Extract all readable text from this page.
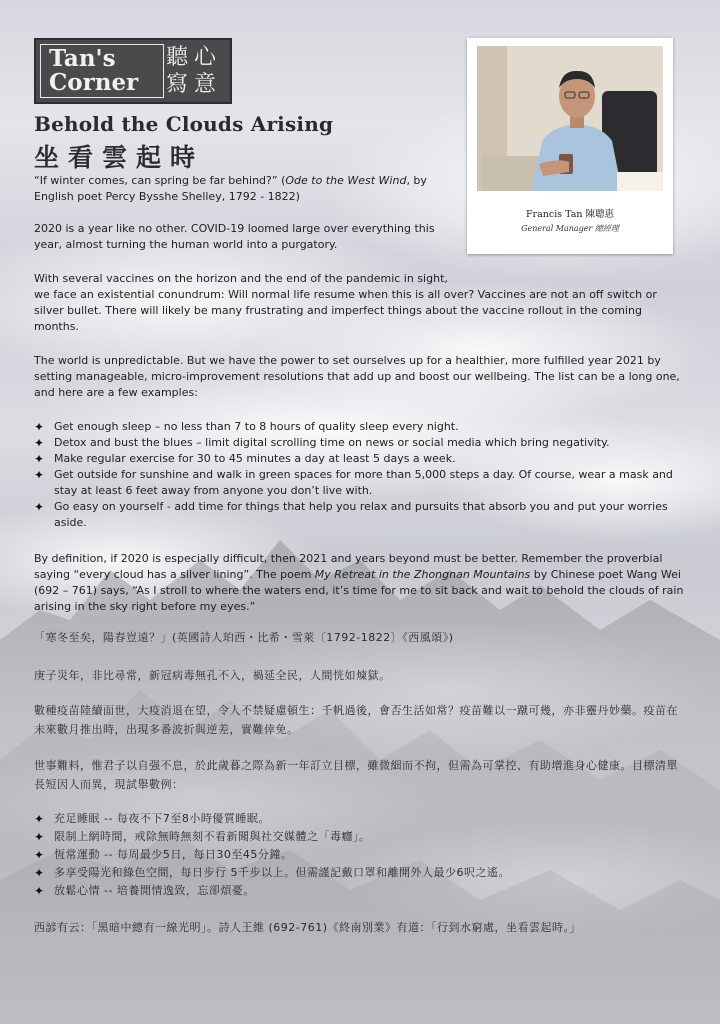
Tan's
Corner
聽心
寫意
Francis Tan 陳聰惠
General Manager 總經理
Behold the Clouds Arising
坐看雲起時

“If winter comes, can spring be far behind?” (Ode to the West Wind, by English poet Percy Bysshe Shelley, 1792 - 1822)

2020 is a year like no other. COVID-19 loomed large over everything this year, almost turning the human world into a purgatory.

With several vaccines on the horizon and the end of the pandemic in sight,
we face an existential conundrum: Will normal life resume when this is all over? Vaccines are not an off switch or silver bullet. There will likely be many frustrating and imperfect things about the vaccine rollout in the coming months.

The world is unpredictable. But we have the power to set ourselves up for a healthier, more fulfilled year 2021 by setting manageable, micro-improvement resolutions that add up and boost our wellbeing. The list can be a long one, and here are a few examples:

✦ Get enough sleep – no less than 7 to 8 hours of quality sleep every night.
✦ Detox and bust the blues – limit digital scrolling time on news or social media which bring negativity.
✦ Make regular exercise for 30 to 45 minutes a day at least 5 days a week.
✦ Get outside for sunshine and walk in green spaces for more than 5,000 steps a day. Of course, wear a mask and stay at least 6 feet away from anyone you don’t live with.
✦ Go easy on yourself - add time for things that help you relax and pursuits that absorb you and put your worries aside.

By definition, if 2020 is especially difficult, then 2021 and years beyond must be better. Remember the proverbial saying “every cloud has a silver lining”. The poem My Retreat in the Zhongnan Mountains by Chinese poet Wang Wei (692 – 761) says, “As I stroll to where the waters end, it’s time for me to sit back and wait to behold the clouds of rain arising in the sky right before my eyes.”

「寒冬至矣，陽春豈遠？」(英國詩人珀西・比希・雪萊〔1792-1822〕《西風頌》)

庚子災年，非比尋常，新冠病毒無孔不入，禍延全民，人間恍如煉獄。

數種疫苗陸續面世，大疫消退在望，令人不禁疑慮頓生：千帆過後，會否生活如常？疫苗難以一蹴可幾，亦非靈丹妙藥。疫苗在未來數月推出時，出現多番波折與逆差，實難倖免。

世事難料，惟君子以自强不息，於此歲暮之際為新一年訂立目標，雖微細而不拘，但需為可掌控、有助增進身心健康。目標清單長短因人而異，現試舉數例：

✦ 充足睡眠 -- 每夜不下7至8小時優質睡眠。
✦ 限制上網時間，戒除無時無刻不看新聞與社交媒體之「毒癮」。
✦ 恆常運動 -- 每周最少5日，每日30至45分鐘。
✦ 多享受陽光和綠色空間，每日步行 5千步以上。但需謹記戴口罩和離開外人最少6呎之遙。
✦ 放鬆心情 -- 培養閒情逸致，忘卻煩憂。

西諺有云：「黑暗中總有一線光明」。詩人王維 (692-761)《終南別業》有道：「行到水窮處，坐看雲起時。」
